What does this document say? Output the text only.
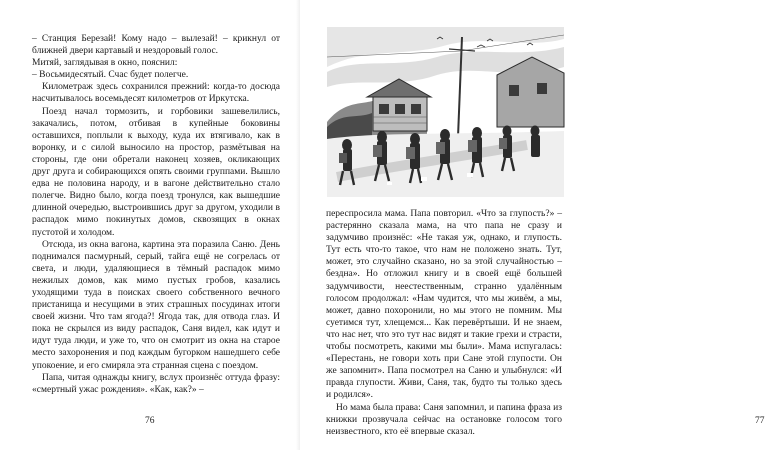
– Станция Березай! Кому надо – вылезай! – крикнул от ближней двери картавый и нездоровый голос.

Митяй, заглядывая в окно, пояснил:

– Восьмидесятый. Счас будет полегче.

Километраж здесь сохранился прежний: когда-то досюда насчитывалось восемьдесят километров от Иркутска.

Поезд начал тормозить, и горбовики зашевелились, закачались, потом, отбивая в купейные боковины оставшихся, поплыли к выходу, куда их втягивало, как в воронку, и с силой выносило на простор, размётывая на стороны, где они обретали наконец хозяев, окликающих друг друга и собирающихся опять своими группами. Вышло едва не половина народу, и в вагоне действительно стало полегче. Видно было, когда поезд тронулся, как вышедшие длинной очередью, выстроившись друг за другом, уходили в распадок мимо покинутых домов, сквозящих в окнах пустотой и холодом.

Отсюда, из окна вагона, картина эта поразила Саню. День поднимался пасмурный, серый, тайга ещё не согрелась от света, и люди, удаляющиеся в тёмный распадок мимо нежилых домов, как мимо пустых гробов, казались уходящими туда в поисках своего собственного вечного пристанища и несущими в этих страшных посудинах итоги своей жизни. Что там ягода?! Ягода так, для отвода глаз. И пока не скрылся из виду распадок, Саня видел, как идут и идут туда люди, и уже то, что он смотрит из окна на старое место захоронения и под каждым бугорком нашедшего себе упокоение, и его смиряла эта странная сцена с поездом.

Папа, читая однажды книгу, вслух произнёс оттуда фразу: «смертный ужас рождения». «Как, как?» –

76	77

переспросила мама. Папа повторил. «Что за глупость?» – растерянно сказала мама, на что папа не сразу и задумчиво произнёс: «Не такая уж, однако, и глупость. Тут есть что-то такое, что нам не положено знать. Тут, может, это случайно сказано, но за этой случайностью – бездна». Но отложил книгу и в своей ещё большей задумчивости, неестественным, странно удалённым голосом продолжал: «Нам чудится, что мы живём, а мы, может, давно похоронили, но мы этого не помним. Мы суетимся тут, хлещемся... Как перевёртыши. И не знаем, что нас нет, что это тут нас видят и такие грехи и страсти, чтобы посмотреть, какими мы были». Мама испугалась: «Перестань, не говори хоть при Сане этой глупости. Он же запомнит». Папа посмотрел на Саню и улыбнулся: «И правда глупости. Живи, Саня, так, будто ты только здесь и родился».

Но мама была права: Саня запомнил, и папина фраза из книжки прозвучала сейчас на остановке голосом того неизвестного, кто её впервые сказал.
